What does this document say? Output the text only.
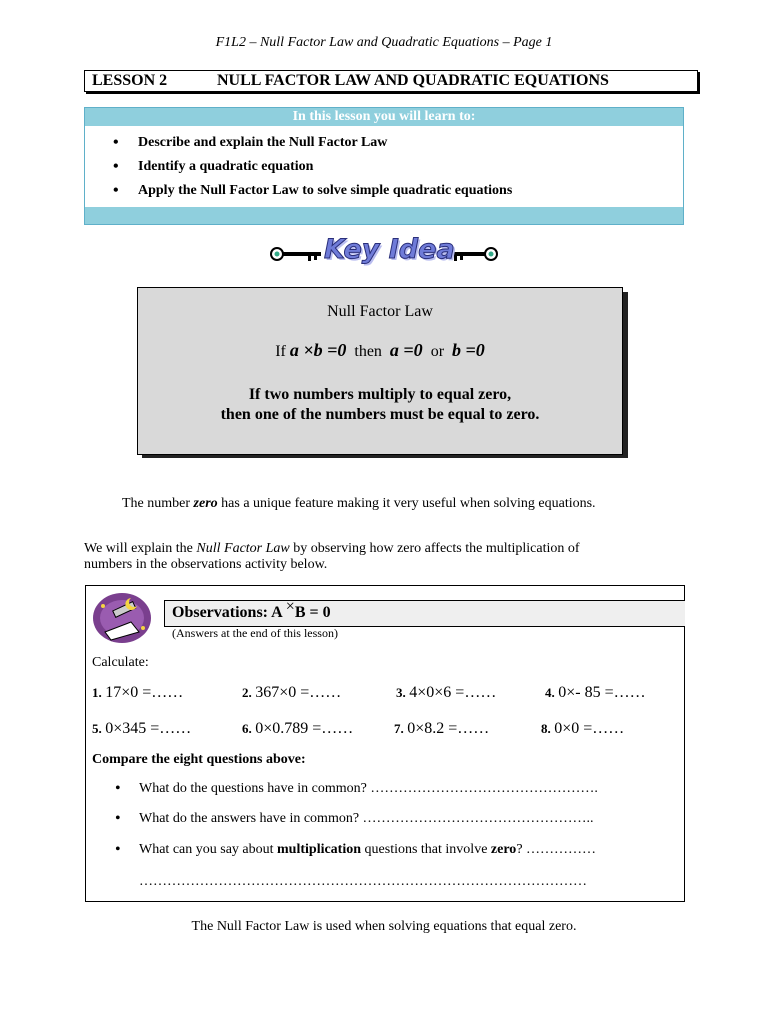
F1L2 – Null Factor Law and Quadratic Equations – Page 1
LESSON 2	NULL FACTOR LAW AND QUADRATIC EQUATIONS
In this lesson you will learn to:
• Describe and explain the Null Factor Law
• Identify a quadratic equation
• Apply the Null Factor Law to solve simple quadratic equations
Key Idea
Null Factor Law
If a ×b =0 then a =0 or b =0
If two numbers multiply to equal zero,
then one of the numbers must be equal to zero.
The number zero has a unique feature making it very useful when solving equations.
We will explain the Null Factor Law by observing how zero affects the multiplication of
numbers in the observations activity below.
Observations: A ×B = 0
(Answers at the end of this lesson)
Calculate:
1. 17×0 =……	2. 367×0 =……	3. 4×0×6 =……	4. 0×- 85 =……
5. 0×345 =……	6. 0×0.789 =……	7. 0×8.2 =……	8. 0×0 =……
Compare the eight questions above:
• What do the questions have in common? ………………………………………….
• What do the answers have in common? …………………………………………..
• What can you say about multiplication questions that involve zero? ……………
……………………………………………………………………………………
The Null Factor Law is used when solving equations that equal zero.
